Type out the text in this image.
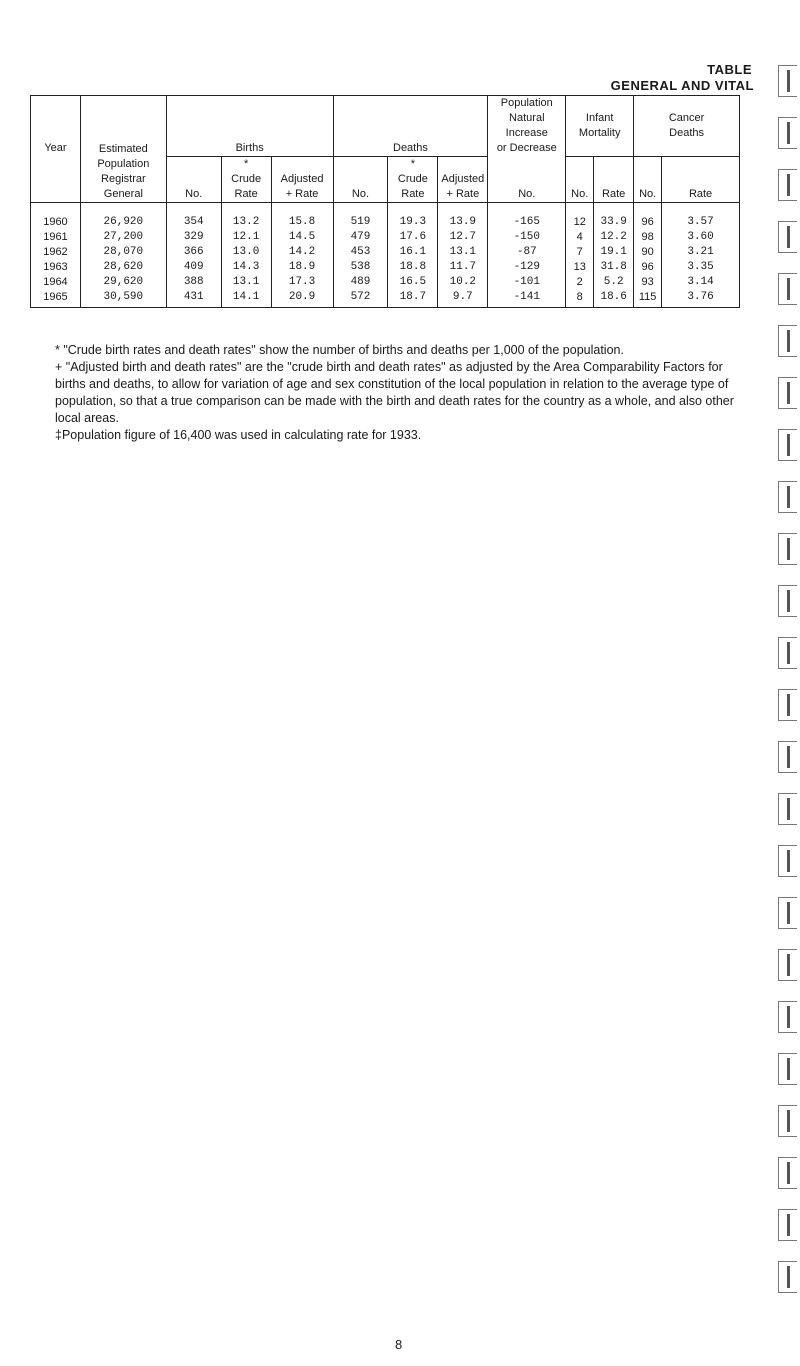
TABLE
GENERAL AND VITAL
Year	Estimated
Population
Registrar
General	Births			Deaths			Population
Natural
Increase
or Decrease	Infant
Mortality		Cancer
Deaths	
		No.	*
Crude
Rate	Adjusted
+ Rate	No.	*
Crude
Rate	Adjusted
+ Rate	No.	No.	Rate	No.	Rate
1960	26,920	354	13.2	15.8	519	19.3	13.9	-165	12	33.9	96	3.57
1961	27,200	329	12.1	14.5	479	17.6	12.7	-150	4	12.2	98	3.60
1962	28,070	366	13.0	14.2	453	16.1	13.1	-87	7	19.1	90	3.21
1963	28,620	409	14.3	18.9	538	18.8	11.7	-129	13	31.8	96	3.35
1964	29,620	388	13.1	17.3	489	16.5	10.2	-101	2	5.2	93	3.14
1965	30,590	431	14.1	20.9	572	18.7	9.7	-141	8	18.6	115	3.76

* "Crude birth rates and death rates" show the number of births and deaths per 1,000 of the population.

+ "Adjusted birth and death rates" are the "crude birth and death rates" as adjusted by the Area Comparability Factors for births and deaths, to allow for variation of age and sex constitution of the local population in relation to the average type of population, so that a true comparison can be made with the birth and death rates for the country as a whole, and also other local areas.

‡Population figure of 16,400 was used in calculating rate for 1933.

8
